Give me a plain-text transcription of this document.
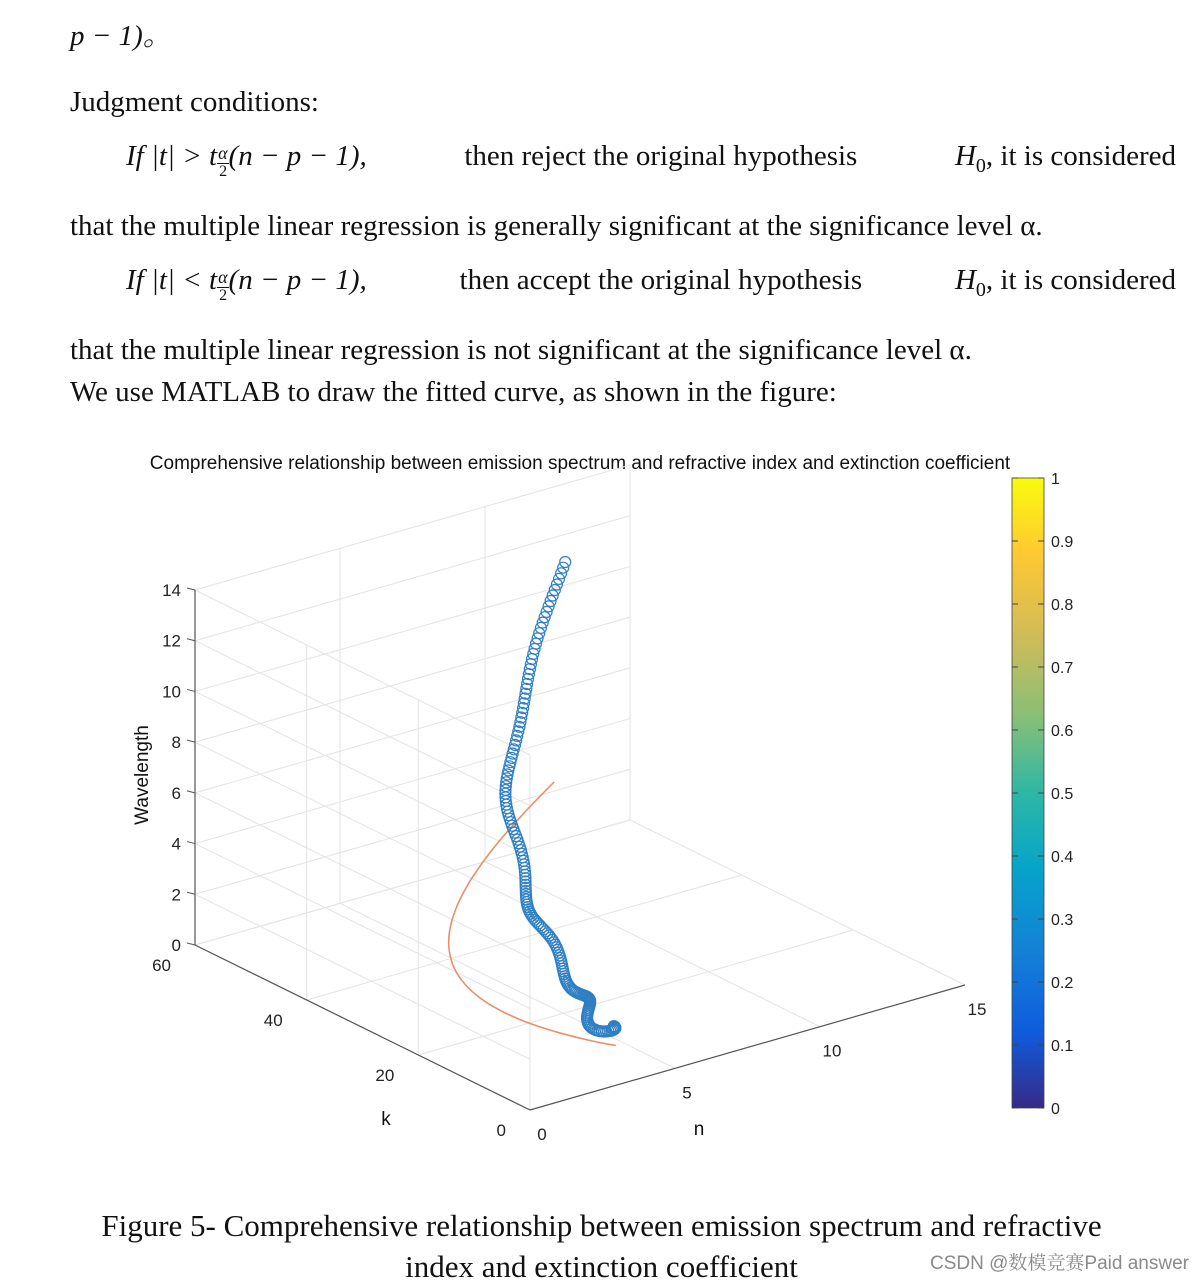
p − 1)。
Judgment conditions:
If $|t| > t\frac{^\alpha}{2} (n - p - 1)$,	then reject the original hypothesis	$H_0$, it is considered
that the multiple linear regression is generally significant at the significance level α.
If $|t| < t\frac{^\alpha}{2} (n - p - 1)$,	then accept the original hypothesis	$H_0$, it is considered
that the multiple linear regression is not significant at the significance level α.
We use MATLAB to draw the fitted curve, as shown in the figure:
Comprehensive relationship between emission spectrum and refractive index and extinction coefficient
0
2
4
6
8
10
12
14
0
20
40
60
0
5
10
15
Wavelength
k	n
0
0.1
0.2
0.3
0.4
0.5
0.6
0.7
0.8
0.9
1
Figure 5- Comprehensive relationship between emission spectrum and refractive
index and extinction coefficient	CSDN @数模竞赛Paid answer
